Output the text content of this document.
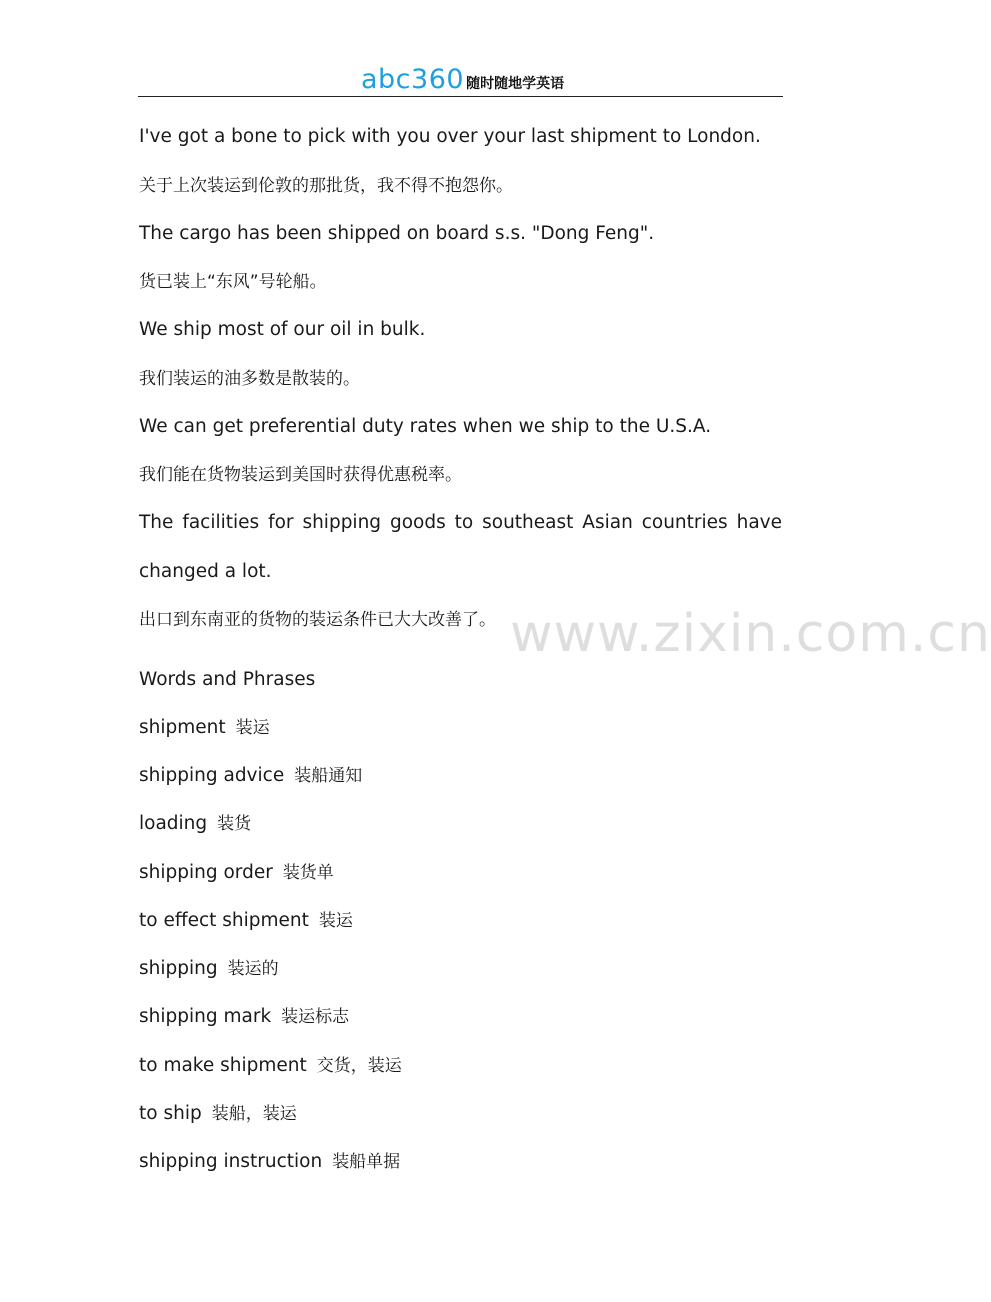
abc360 随时随地学英语
www.zixin.com.cn
I've got a bone to pick with you over your last shipment to London.
关于上次装运到伦敦的那批货，我不得不抱怨你。
The cargo has been shipped on board s.s. "Dong Feng".
货已装上“东风”号轮船。
We ship most of our oil in bulk.
我们装运的油多数是散装的。
We can get preferential duty rates when we ship to the U.S.A.
我们能在货物装运到美国时获得优惠税率。
The facilities for shipping goods to southeast Asian countries have
changed a lot.
出口到东南亚的货物的装运条件已大大改善了。
Words and Phrases
shipment 装运
shipping advice 装船通知
loading 装货
shipping order 装货单
to effect shipment 装运
shipping 装运的
shipping mark 装运标志
to make shipment 交货，装运
to ship 装船，装运
shipping instruction 装船单据
